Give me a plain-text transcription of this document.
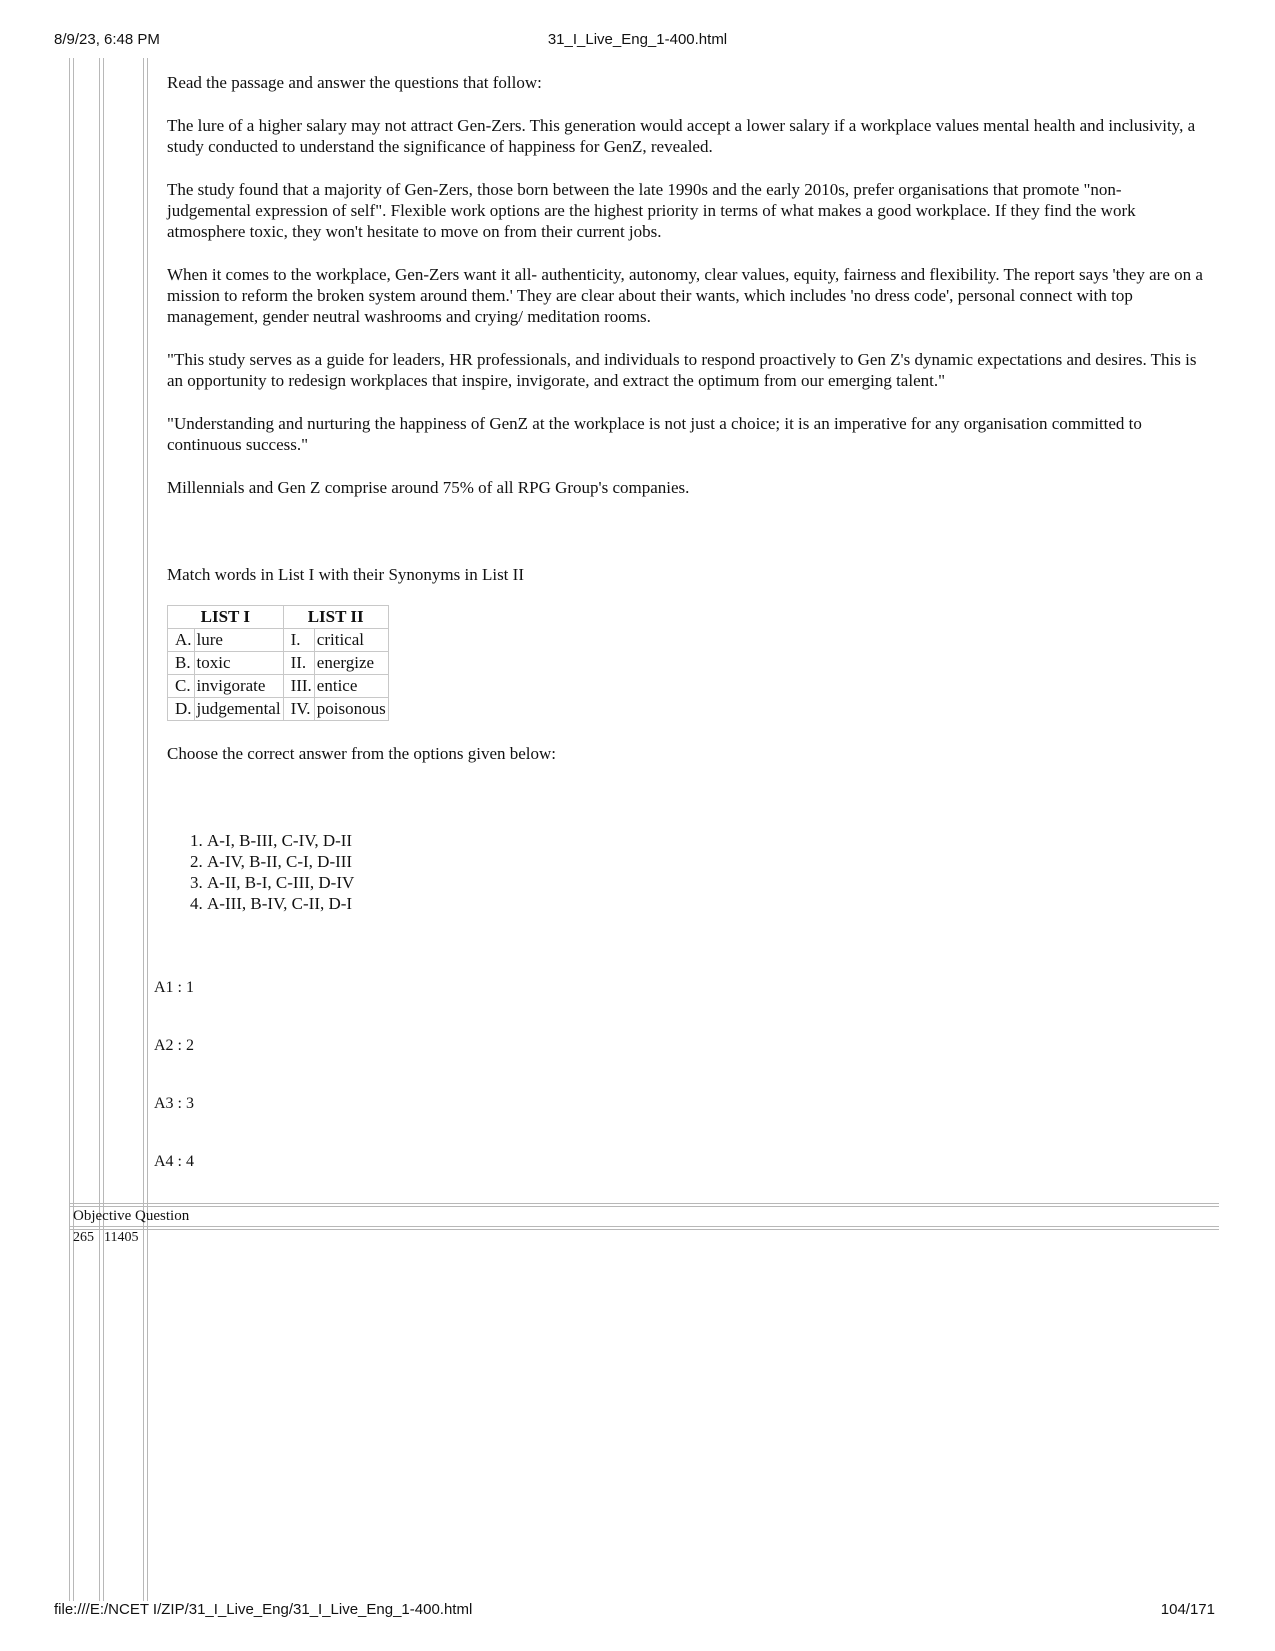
8/9/23, 6:48 PM	31_I_Live_Eng_1-400.html

Read the passage and answer the questions that follow:

The lure of a higher salary may not attract Gen-Zers. This generation would accept a lower salary if a workplace values mental health and inclusivity, a study conducted to understand the significance of happiness for GenZ, revealed.

The study found that a majority of Gen-Zers, those born between the late 1990s and the early 2010s, prefer organisations that promote "non- judgemental expression of self". Flexible work options are the highest priority in terms of what makes a good workplace. If they find the work atmosphere toxic, they won't hesitate to move on from their current jobs.

When it comes to the workplace, Gen-Zers want it all- authenticity, autonomy, clear values, equity, fairness and flexibility. The report says 'they are on a mission to reform the broken system around them.' They are clear about their wants, which includes 'no dress code', personal connect with top management, gender neutral washrooms and crying/ meditation rooms.

"This study serves as a guide for leaders, HR professionals, and individuals to respond proactively to Gen Z's dynamic expectations and desires. This is an opportunity to redesign workplaces that inspire, invigorate, and extract the optimum from our emerging talent."

"Understanding and nurturing the happiness of GenZ at the workplace is not just a choice; it is an imperative for any organisation committed to continuous success."

Millennials and Gen Z comprise around 75% of all RPG Group's companies.

Match words in List I with their Synonyms in List II

LIST I		LIST II	
A.	lure	I.	critical
B.	toxic	II.	energize
C.	invigorate	III.	entice
D.	judgemental	IV.	poisonous

Choose the correct answer from the options given below:

1. A-I, B-III, C-IV, D-II
2. A-IV, B-II, C-I, D-III
3. A-II, B-I, C-III, D-IV
4. A-III, B-IV, C-II, D-I
A1 : 1
A2 : 2
A3 : 3
A4 : 4
Objective Question
265 11405
file:///E:/NCET I/ZIP/31_I_Live_Eng/31_I_Live_Eng_1-400.html	104/171
